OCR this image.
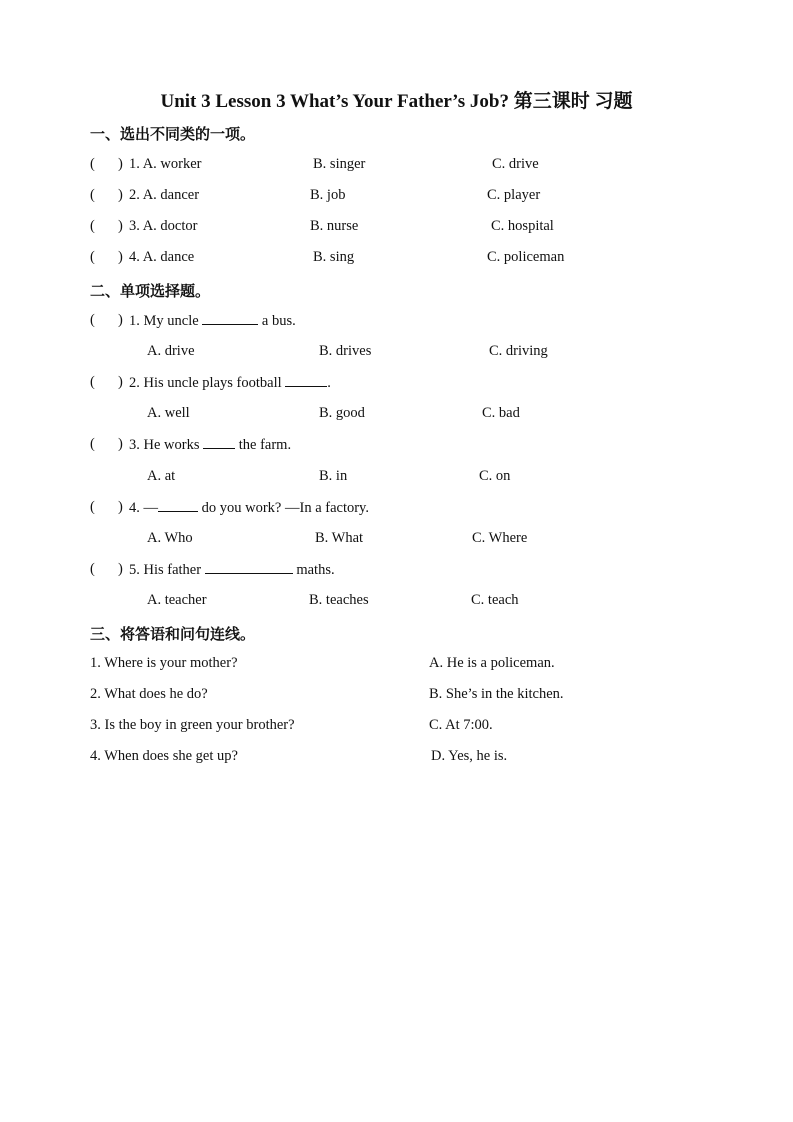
Unit 3 Lesson 3 What’s Your Father’s Job? 第三课时 习题
一、选出不同类的一项。
( ) 1. A. worker	B. singer	C. drive
( ) 2. A. dancer	B. job	C. player
( ) 3. A. doctor	B. nurse	C. hospital
( ) 4. A. dance	B. sing	C. policeman
二、单项选择题。
( ) 1. My uncle	a bus.
A. drive	B. drives	C. driving
( ) 2. His uncle plays football	.
A. well	B. good	C. bad
( ) 3. He works  the farm.
A. at	B. in	C. on
( ) 4. —	do you work? —In a factory.
A. Who	B. What	C. Where
( ) 5. His father	maths.
A. teacher	B. teaches	C. teach
三、将答语和问句连线。
1. Where is your mother?	A. He is a policeman.
2. What does he do?	B. She’s in the kitchen.
3. Is the boy in green your brother?	C. At 7:00.
4. When does she get up?	D. Yes, he is.
